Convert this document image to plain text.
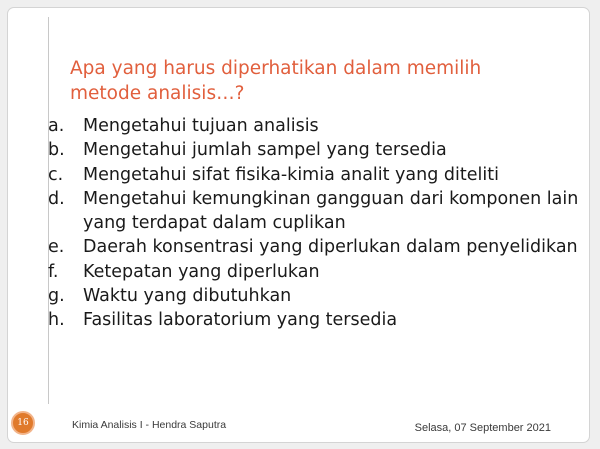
Apa yang harus diperhatikan dalam memilih
metode analisis…?
a.	Mengetahui tujuan analisis
b.	Mengetahui jumlah sampel yang tersedia
c.	Mengetahui sifat fisika-kimia analit yang diteliti
d.	Mengetahui kemungkinan gangguan dari komponen lain yang terdapat dalam cuplikan
e.	Daerah konsentrasi yang diperlukan dalam penyelidikan
f.	Ketepatan yang diperlukan
g.	Waktu yang dibutuhkan
h.	Fasilitas laboratorium yang tersedia
Kimia Analisis I - Hendra Saputra	Selasa, 07 September 2021
16
